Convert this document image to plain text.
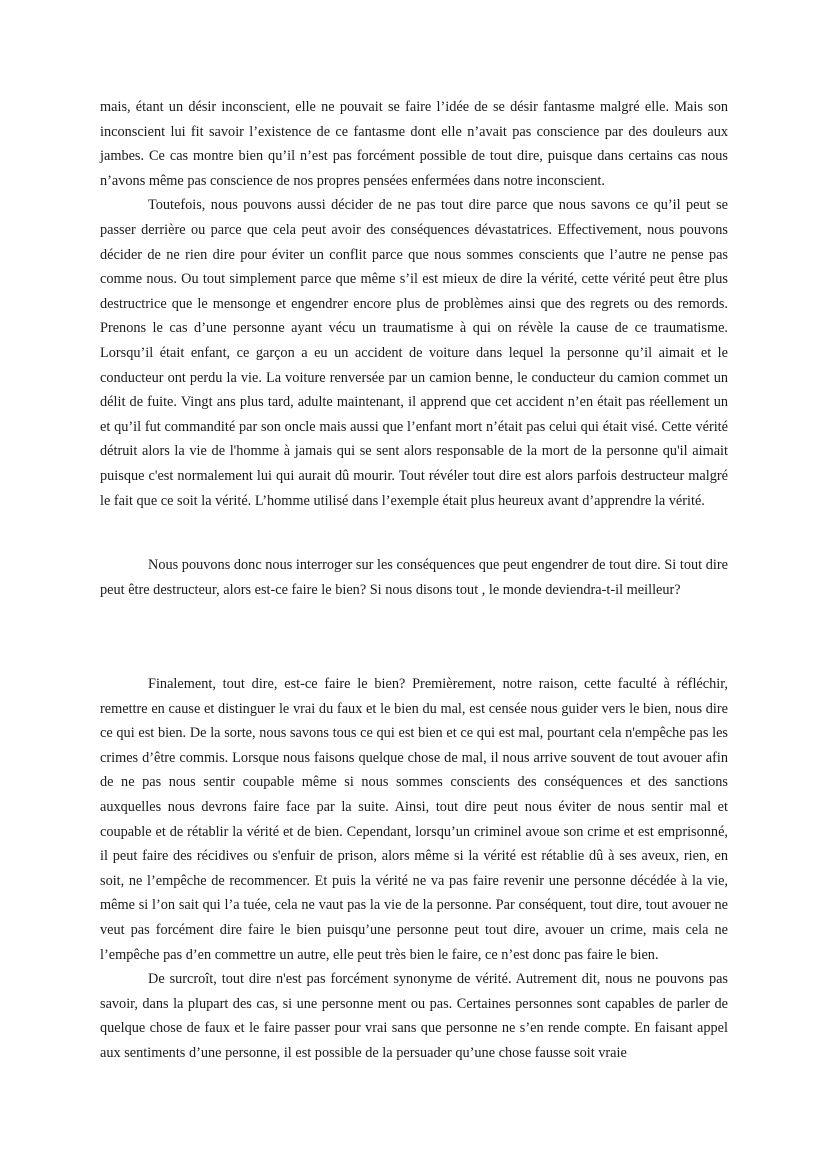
mais, étant un désir inconscient, elle ne pouvait se faire l’idée de se désir fantasme malgré elle. Mais son inconscient lui fit savoir l’existence de ce fantasme dont elle n’avait pas conscience par des douleurs aux jambes. Ce cas montre bien qu’il n’est pas forcément possible de tout dire, puisque dans certains cas nous n’avons même pas conscience de nos propres pensées enfermées dans notre inconscient.

Toutefois, nous pouvons aussi décider de ne pas tout dire parce que nous savons ce qu’il peut se passer derrière ou parce que cela peut avoir des conséquences dévastatrices. Effectivement, nous pouvons décider de ne rien dire pour éviter un conflit parce que nous sommes conscients que l’autre ne pense pas comme nous. Ou tout simplement parce que même s’il est mieux de dire la vérité, cette vérité peut être plus destructrice que le mensonge et engendrer encore plus de problèmes ainsi que des regrets ou des remords. Prenons le cas d’une personne ayant vécu un traumatisme à qui on révèle la cause de ce traumatisme. Lorsqu’il était enfant, ce garçon a eu un accident de voiture dans lequel la personne qu’il aimait et le conducteur ont perdu la vie. La voiture renversée par un camion benne, le conducteur du camion commet un délit de fuite. Vingt ans plus tard, adulte maintenant, il apprend que cet accident n’en était pas réellement un et qu’il fut commandité par son oncle mais aussi que l’enfant mort n’était pas celui qui était visé. Cette vérité détruit alors la vie de l'homme à jamais qui se sent alors responsable de la mort de la personne qu'il aimait puisque c'est normalement lui qui aurait dû mourir. Tout révéler tout dire est alors parfois destructeur malgré le fait que ce soit la vérité. L’homme utilisé dans l’exemple était plus heureux avant d’apprendre la vérité.

Nous pouvons donc nous interroger sur les conséquences que peut engendrer de tout dire. Si tout dire peut être destructeur, alors est-ce faire le bien? Si nous disons tout , le monde deviendra-t-il meilleur?

Finalement, tout dire, est-ce faire le bien? Premièrement, notre raison, cette faculté à réfléchir, remettre en cause et distinguer le vrai du faux et le bien du mal, est censée nous guider vers le bien, nous dire ce qui est bien. De la sorte, nous savons tous ce qui est bien et ce qui est mal, pourtant cela n'empêche pas les crimes d’être commis. Lorsque nous faisons quelque chose de mal, il nous arrive souvent de tout avouer afin de ne pas nous sentir coupable même si nous sommes conscients des conséquences et des sanctions auxquelles nous devrons faire face par la suite. Ainsi, tout dire peut nous éviter de nous sentir mal et coupable et de rétablir la vérité et de bien. Cependant, lorsqu’un criminel avoue son crime et est emprisonné, il peut faire des récidives ou s'enfuir de prison, alors même si la vérité est rétablie dû à ses aveux, rien, en soit, ne l’empêche de recommencer. Et puis la vérité ne va pas faire revenir une personne décédée à la vie, même si l’on sait qui l’a tuée, cela ne vaut pas la vie de la personne. Par conséquent, tout dire, tout avouer ne veut pas forcément dire faire le bien puisqu’une personne peut tout dire, avouer un crime, mais cela ne l’empêche pas d’en commettre un autre, elle peut très bien le faire, ce n’est donc pas faire le bien.

De surcroît, tout dire n'est pas forcément synonyme de vérité. Autrement dit, nous ne pouvons pas savoir, dans la plupart des cas, si une personne ment ou pas. Certaines personnes sont capables de parler de quelque chose de faux et le faire passer pour vrai sans que personne ne s’en rende compte. En faisant appel aux sentiments d’une personne, il est possible de la persuader qu’une chose fausse soit vraie
